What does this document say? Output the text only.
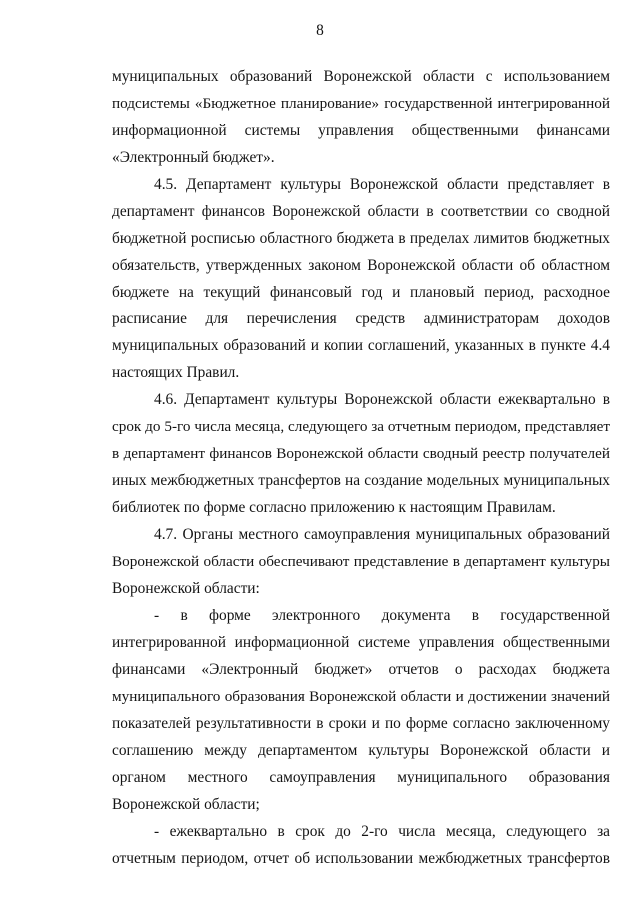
8
муниципальных образований Воронежской области с использованием
подсистемы «Бюджетное планирование» государственной интегрированной
информационной системы управления общественными финансами
«Электронный бюджет».
4.5. Департамент культуры Воронежской области представляет в
департамент финансов Воронежской области в соответствии со сводной
бюджетной росписью областного бюджета в пределах лимитов бюджетных
обязательств, утвержденных законом Воронежской области об областном
бюджете на текущий финансовый год и плановый период, расходное
расписание для перечисления средств администраторам доходов
муниципальных образований и копии соглашений, указанных в пункте 4.4
настоящих Правил.
4.6. Департамент культуры Воронежской области ежеквартально в
срок до 5-го числа месяца, следующего за отчетным периодом, представляет
в департамент финансов Воронежской области сводный реестр получателей
иных межбюджетных трансфертов на создание модельных муниципальных
библиотек по форме согласно приложению к настоящим Правилам.
4.7. Органы местного самоуправления муниципальных образований
Воронежской области обеспечивают представление в департамент культуры
Воронежской области:
- в форме электронного документа в государственной
интегрированной информационной системе управления общественными
финансами «Электронный бюджет» отчетов о расходах бюджета
муниципального образования Воронежской области и достижении значений
показателей результативности в сроки и по форме согласно заключенному
соглашению между департаментом культуры Воронежской области и
органом местного самоуправления муниципального образования
Воронежской области;
- ежеквартально в срок до 2-го числа месяца, следующего за
отчетным периодом, отчет об использовании межбюджетных трансфертов
